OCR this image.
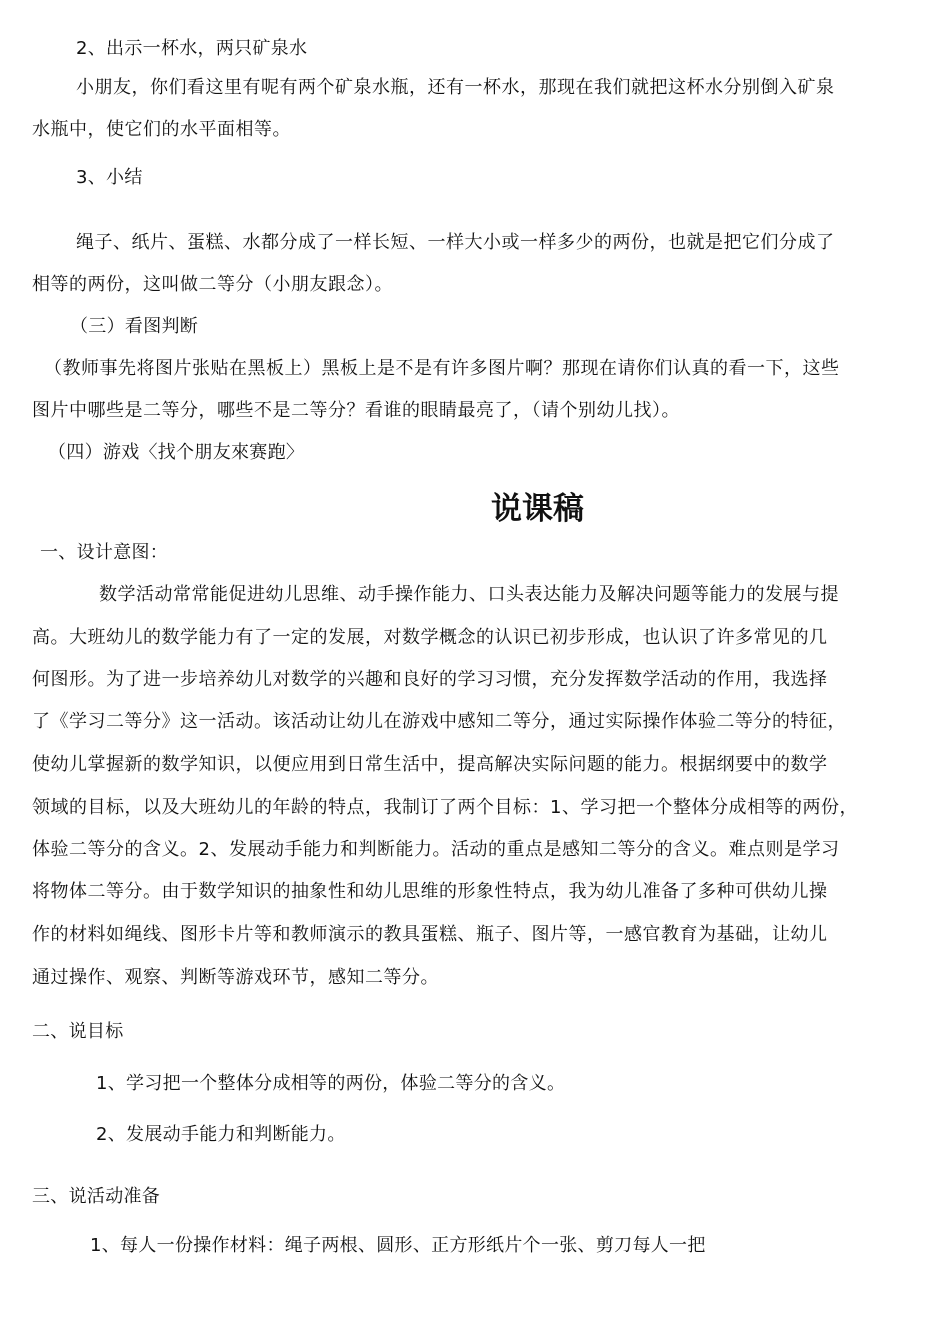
2、出示一杯水，两只矿泉水
小朋友，你们看这里有呢有两个矿泉水瓶，还有一杯水，那现在我们就把这杯水分别倒入矿泉
水瓶中，使它们的水平面相等。
3、小结
绳子、纸片、蛋糕、水都分成了一样长短、一样大小或一样多少的两份，也就是把它们分成了
相等的两份，这叫做二等分（小朋友跟念）。
（三）看图判断
（教师事先将图片张贴在黑板上）黑板上是不是有许多图片啊？那现在请你们认真的看一下，这些
图片中哪些是二等分，哪些不是二等分？看谁的眼睛最亮了，（请个别幼儿找）。
（四）游戏〈找个朋友來赛跑〉
说课稿
一、设计意图：
数学活动常常能促进幼儿思维、动手操作能力、口头表达能力及解决问题等能力的发展与提
高。大班幼儿的数学能力有了一定的发展，对数学概念的认识已初步形成，也认识了许多常见的几
何图形。为了进一步培养幼儿对数学的兴趣和良好的学习习惯，充分发挥数学活动的作用，我选择
了《学习二等分》这一活动。该活动让幼儿在游戏中感知二等分，通过实际操作体验二等分的特征，
使幼儿掌握新的数学知识，以便应用到日常生活中，提高解决实际问题的能力。根据纲要中的数学
领域的目标，以及大班幼儿的年龄的特点，我制订了两个目标：1、学习把一个整体分成相等的两份，
体验二等分的含义。2、发展动手能力和判断能力。活动的重点是感知二等分的含义。难点则是学习
将物体二等分。由于数学知识的抽象性和幼儿思维的形象性特点，我为幼儿准备了多种可供幼儿操
作的材料如绳线、图形卡片等和教师演示的教具蛋糕、瓶子、图片等，一感官教育为基础，让幼儿
通过操作、观察、判断等游戏环节，感知二等分。
二、说目标
1、学习把一个整体分成相等的两份，体验二等分的含义。
2、发展动手能力和判断能力。
三、说活动准备
1、每人一份操作材料：绳子两根、圆形、正方形纸片个一张、剪刀每人一把
